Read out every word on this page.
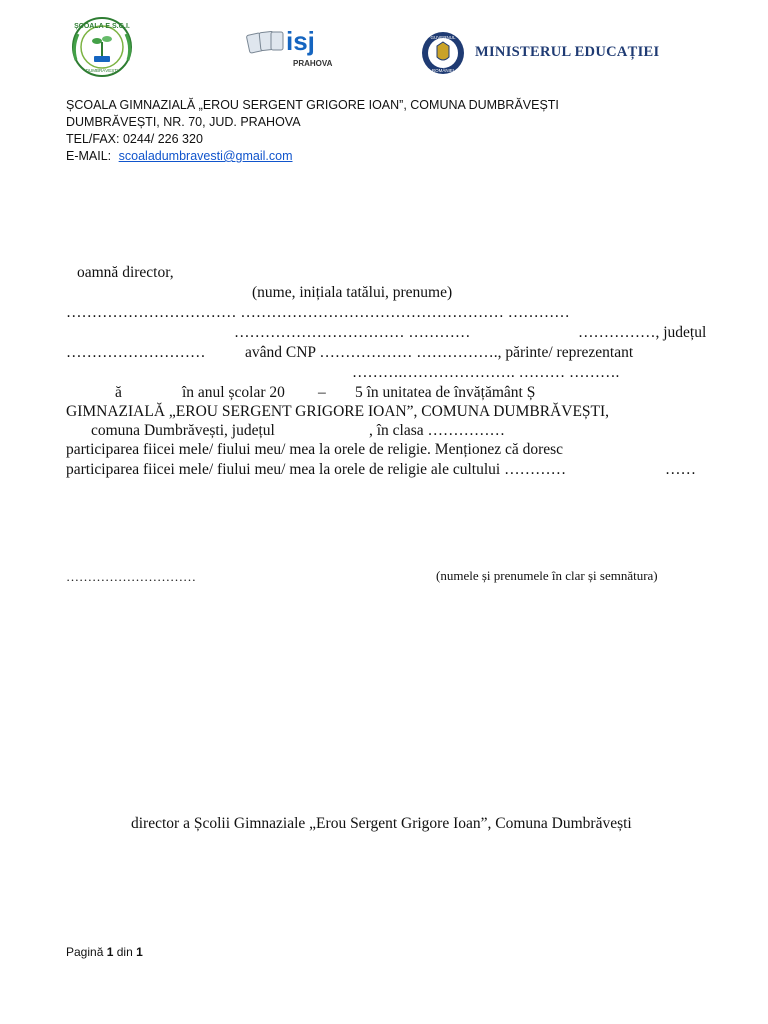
ȘCOALA E.S.G.I.
DUMBRĂVEȘTI
isj
PRAHOVA
GUVERNUL
ROMÂNIEI
MINISTERUL EDUCAȚIEI
ȘCOALA GIMNAZIALĂ „EROU SERGENT GRIGORE IOAN”, COMUNA DUMBRĂVEȘTI
DUMBRĂVEȘTI, NR. 70, JUD. PRAHOVA
TEL/FAX: 0244/ 226 320
E-MAIL: scoaladumbravesti@gmail.com
oamnă director,
(nume, inițiala tatălui, prenume)
…………………………… …………………………………………… …………
…………………………… …………	……………, județul
………………………	având CNP ……………… ……………., părinte/ reprezentant
……….…………………. ……… ……….
ă	în anul școlar 20 – 5 în unitatea de învățământ Ș
GIMNAZIALĂ „EROU SERGENT GRIGORE IOAN”, COMUNA DUMBRĂVEȘTI,
comuna Dumbrăvești, județul	, în clasa ……………
participarea fiicei mele/ fiului meu/ mea la orele de religie. Menționez că doresc
participarea fiicei mele/ fiului meu/ mea la orele de religie ale cultului …………	……
…………………………	(numele și prenumele în clar și semnătura)
director a Școlii Gimnaziale „Erou Sergent Grigore Ioan”, Comuna Dumbrăvești
Pagină 1 din 1
